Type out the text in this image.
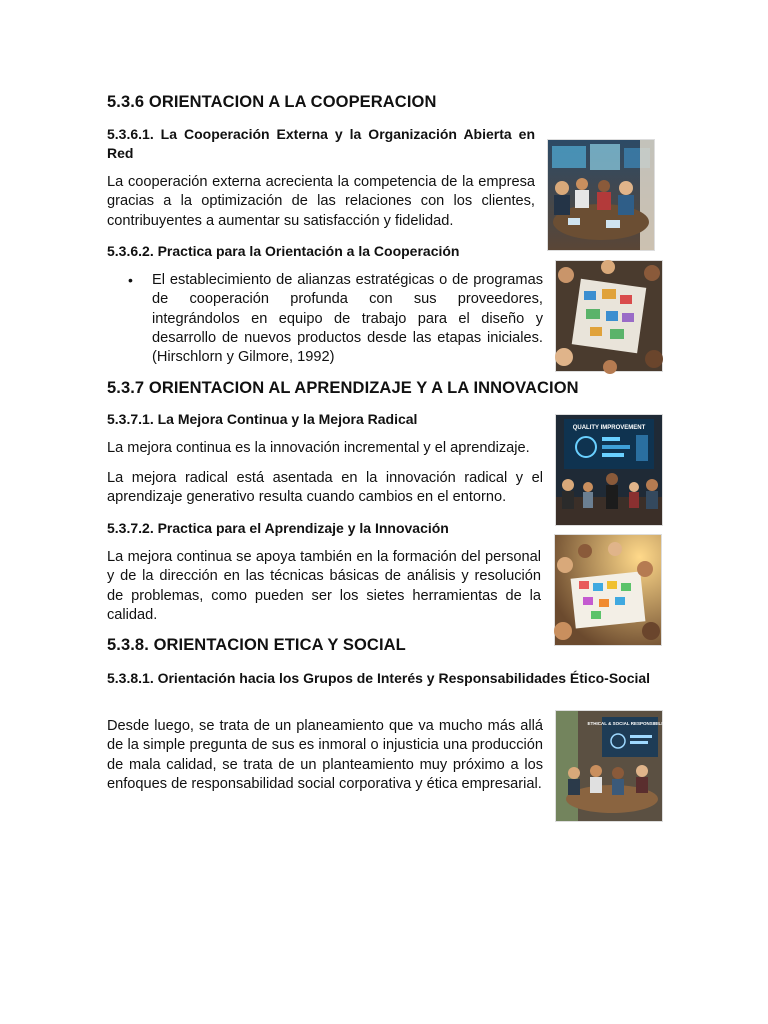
5.3.6 ORIENTACION A LA COOPERACION
5.3.6.1. La Cooperación Externa y la Organización Abierta en Red

La cooperación externa acrecienta la competencia de la empresa gracias a la optimización de las relaciones con los clientes, contribuyentes a aumentar su satisfacción y fidelidad.

5.3.6.2. Practica para la Orientación a la Cooperación
• El establecimiento de alianzas estratégicas o de programas de cooperación profunda con sus proveedores, integrándolos en equipo de trabajo para el diseño y desarrollo de nuevos productos desde las etapas iniciales. (Hirschlorn y Gilmore, 1992)
5.3.7 ORIENTACION AL APRENDIZAJE Y A LA INNOVACION
5.3.7.1. La Mejora Continua y la Mejora Radical

La mejora continua es la innovación incremental y el aprendizaje.

La mejora radical está asentada en la innovación radical y el aprendizaje generativo resulta cuando cambios en el entorno.

5.3.7.2. Practica para el Aprendizaje y la Innovación

La mejora continua se apoya también en la formación del personal y de la dirección en las técnicas básicas de análisis y resolución de problemas, como pueden ser los sietes herramientas de la calidad.

5.3.8. ORIENTACION ETICA Y SOCIAL
5.3.8.1. Orientación hacia los Grupos de Interés y Responsabilidades Ético-Social

Desde luego, se trata de un planeamiento que va mucho más allá de la simple pregunta de sus es inmoral o injusticia una producción de mala calidad, se trata de un planteamiento muy próximo a los enfoques de responsabilidad social corporativa y ética empresarial.

QUALITY IMPROVEMENT
ETHICAL & SOCIAL RESPONSIBILITIES
